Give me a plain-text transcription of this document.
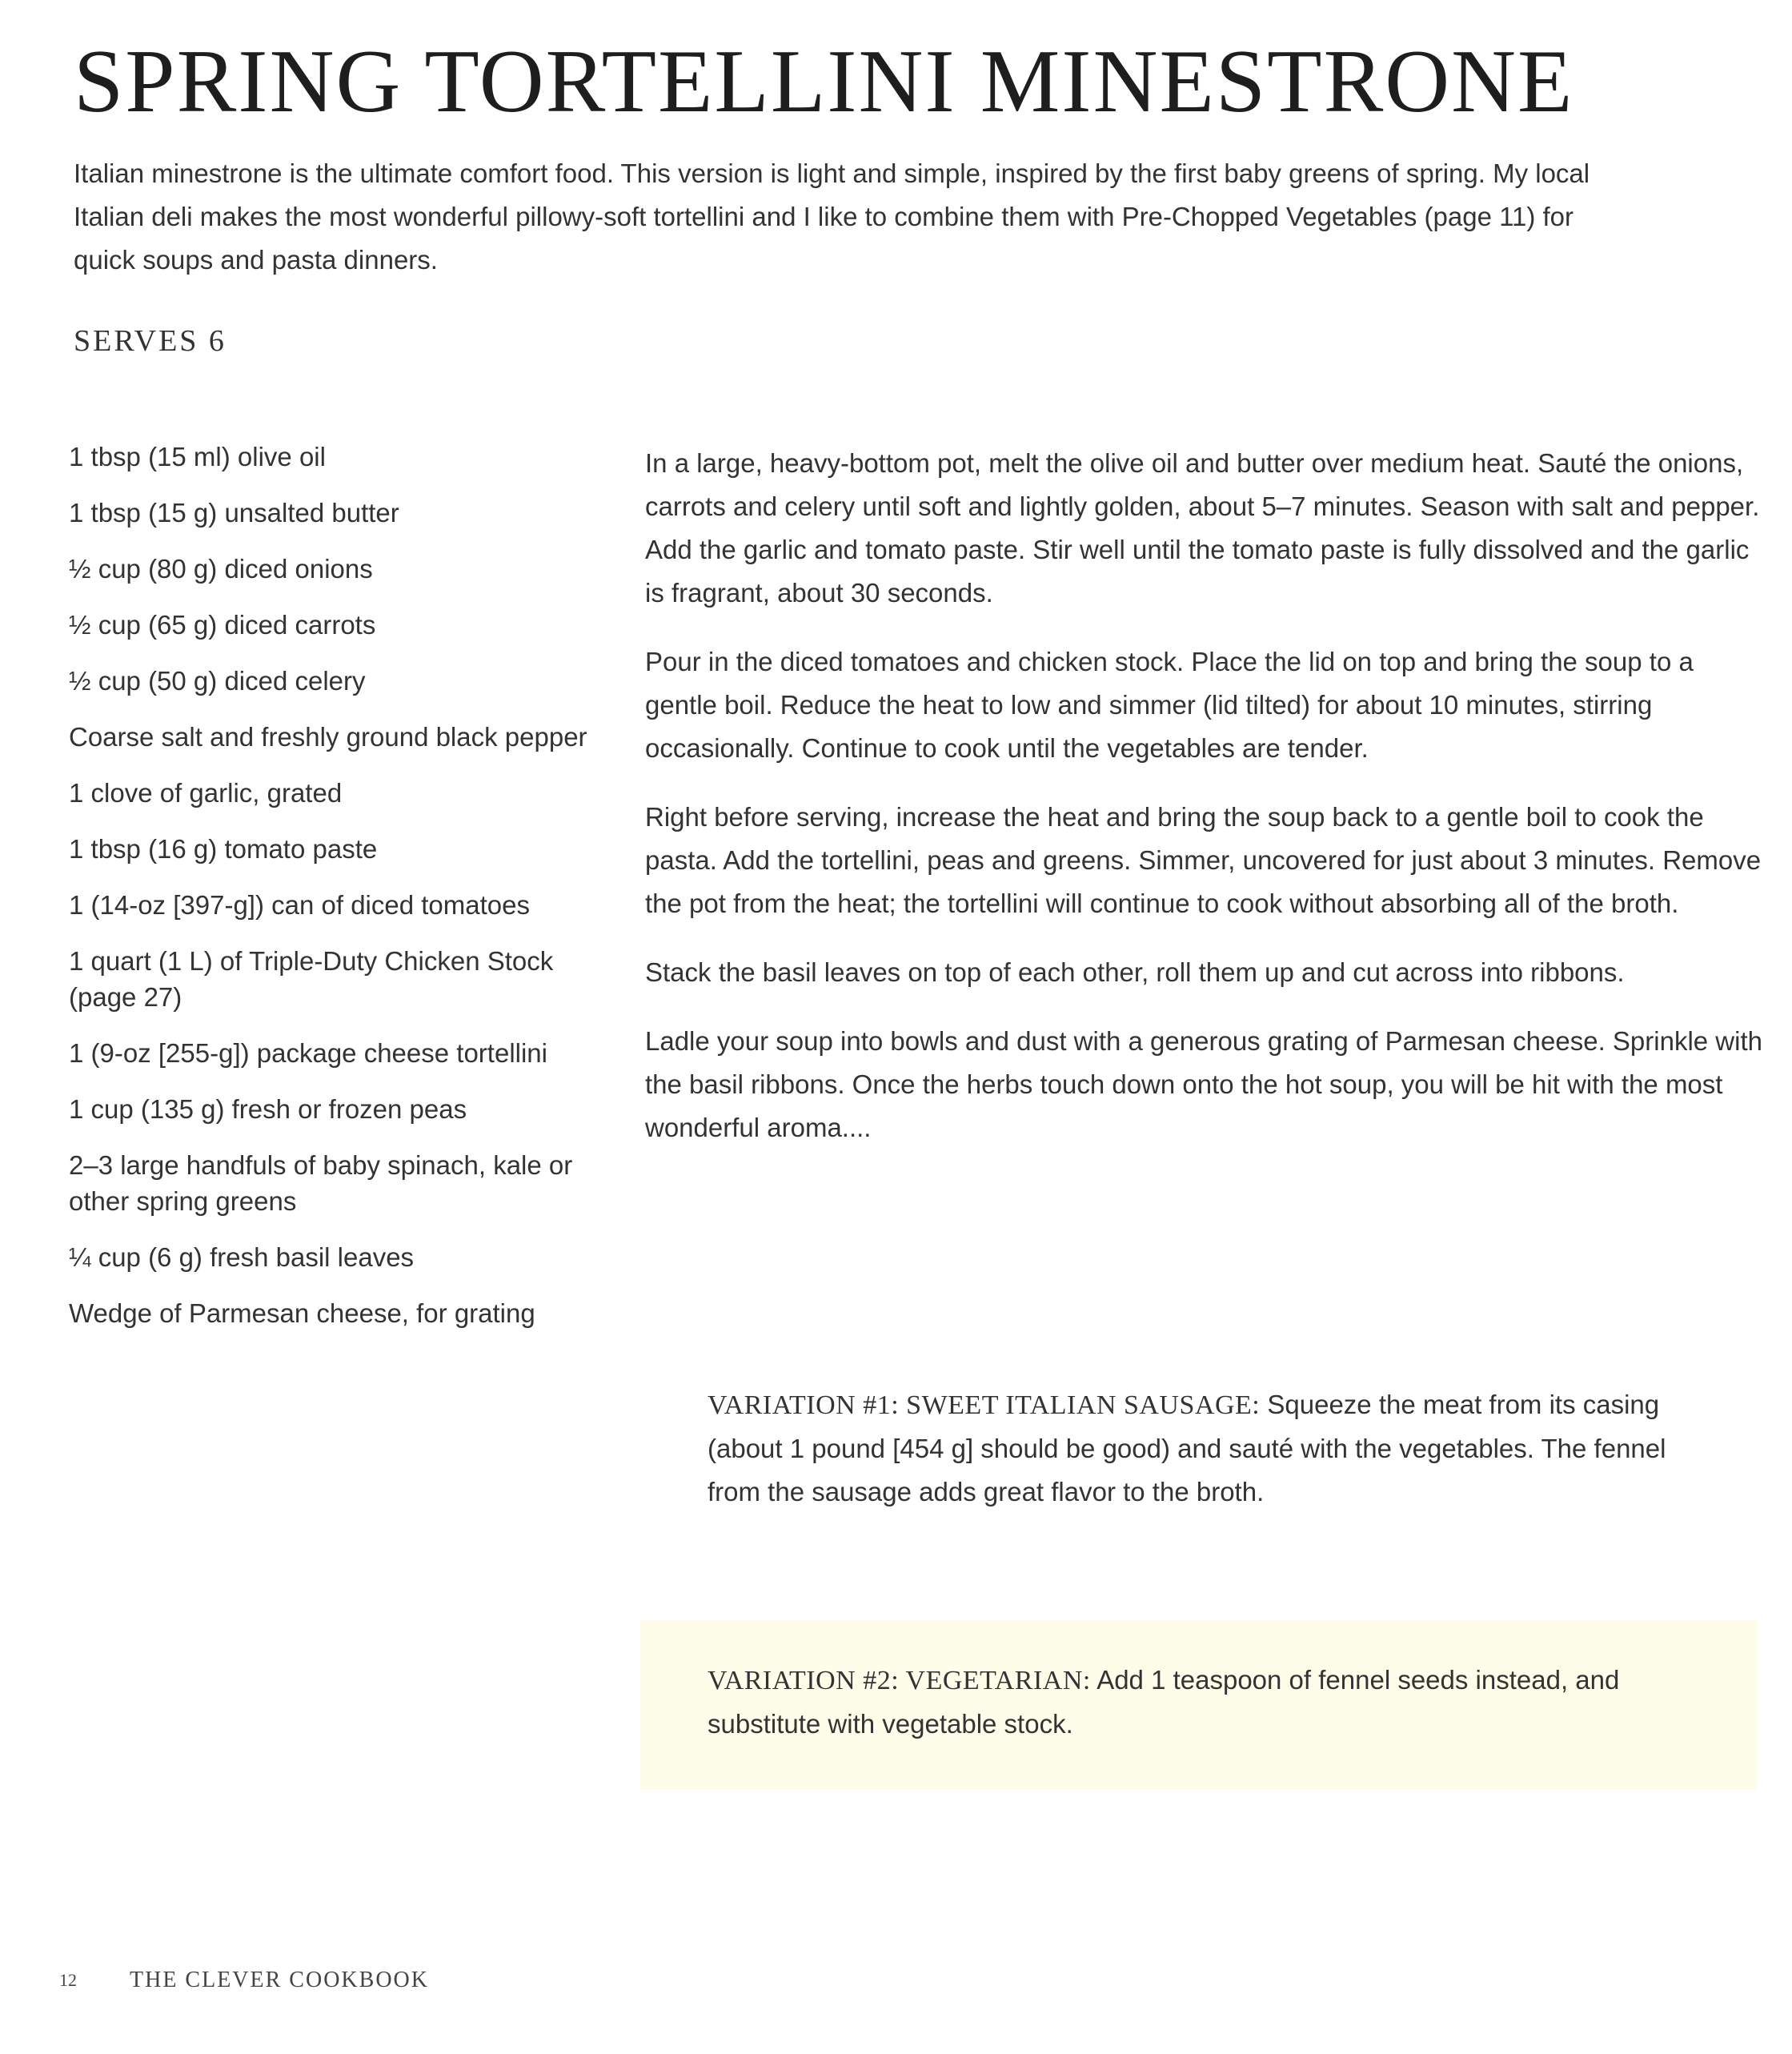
SPRING TORTELLINI MINESTRONE

Italian minestrone is the ultimate comfort food. This version is light and simple, inspired by the first baby greens of spring. My local Italian deli makes the most wonderful pillowy-soft tortellini and I like to combine them with Pre-Chopped Vegetables (page 11) for quick soups and pasta dinners.

SERVES 6

1 tbsp (15 ml) olive oil
1 tbsp (15 g) unsalted butter
½ cup (80 g) diced onions
½ cup (65 g) diced carrots
½ cup (50 g) diced celery
Coarse salt and freshly ground black pepper
1 clove of garlic, grated
1 tbsp (16 g) tomato paste
1 (14-oz [397-g]) can of diced tomatoes
1 quart (1 L) of Triple-Duty Chicken Stock (page 27)
1 (9-oz [255-g]) package cheese tortellini
1 cup (135 g) fresh or frozen peas
2–3 large handfuls of baby spinach, kale or other spring greens
¼ cup (6 g) fresh basil leaves
Wedge of Parmesan cheese, for grating

In a large, heavy-bottom pot, melt the olive oil and butter over medium heat. Sauté the onions, carrots and celery until soft and lightly golden, about 5–7 minutes. Season with salt and pepper. Add the garlic and tomato paste. Stir well until the tomato paste is fully dissolved and the garlic is fragrant, about 30 seconds.

Pour in the diced tomatoes and chicken stock. Place the lid on top and bring the soup to a gentle boil. Reduce the heat to low and simmer (lid tilted) for about 10 minutes, stirring occasionally. Continue to cook until the vegetables are tender.

Right before serving, increase the heat and bring the soup back to a gentle boil to cook the pasta. Add the tortellini, peas and greens. Simmer, uncovered for just about 3 minutes. Remove the pot from the heat; the tortellini will continue to cook without absorbing all of the broth.

Stack the basil leaves on top of each other, roll them up and cut across into ribbons.

Ladle your soup into bowls and dust with a generous grating of Parmesan cheese. Sprinkle with the basil ribbons. Once the herbs touch down onto the hot soup, you will be hit with the most wonderful aroma....

VARIATION #1: SWEET ITALIAN SAUSAGE: Squeeze the meat from its casing (about 1 pound [454 g] should be good) and sauté with the vegetables. The fennel from the sausage adds great flavor to the broth.

VARIATION #2: VEGETARIAN: Add 1 teaspoon of fennel seeds instead, and substitute with vegetable stock.

12 THE CLEVER COOKBOOK
